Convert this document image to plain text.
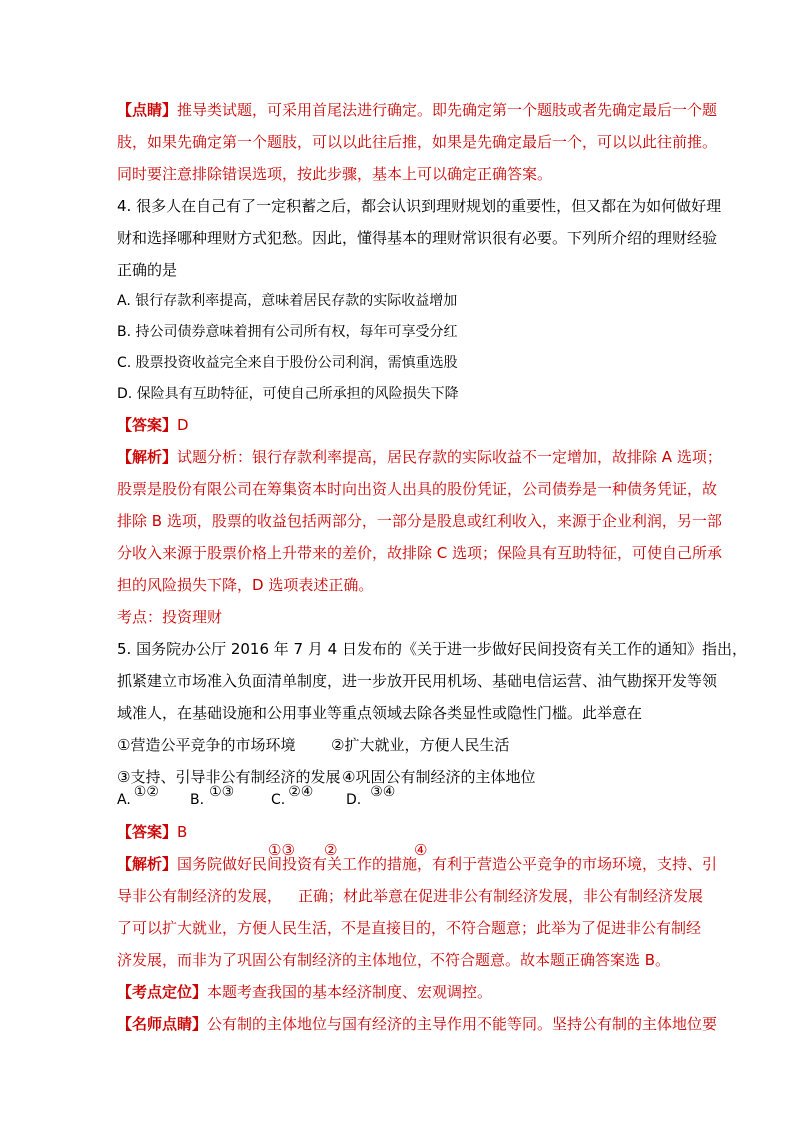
【点睛】推导类试题，可采用首尾法进行确定。即先确定第一个题肢或者先确定最后一个题
肢，如果先确定第一个题肢，可以以此往后推，如果是先确定最后一个，可以以此往前推。
同时要注意排除错误选项，按此步骤，基本上可以确定正确答案。
4. 很多人在自己有了一定积蓄之后，都会认识到理财规划的重要性，但又都在为如何做好理
财和选择哪种理财方式犯愁。因此，懂得基本的理财常识很有必要。下列所介绍的理财经验
正确的是
A. 银行存款利率提高，意味着居民存款的实际收益增加
B. 持公司债券意味着拥有公司所有权，每年可享受分红
C. 股票投资收益完全来自于股份公司利润，需慎重选股
D. 保险具有互助特征，可使自己所承担的风险损失下降
【答案】D
【解析】试题分析：银行存款利率提高，居民存款的实际收益不一定增加，故排除 A 选项；
股票是股份有限公司在筹集资本时向出资人出具的股份凭证，公司债券是一种债务凭证，故
排除 B 选项，股票的收益包括两部分，一部分是股息或红利收入，来源于企业利润，另一部
分收入来源于股票价格上升带来的差价，故排除 C 选项；保险具有互助特征，可使自己所承
担的风险损失下降，D 选项表述正确。
考点：投资理财
5. 国务院办公厅 2016 年 7 月 4 日发布的《关于进一步做好民间投资有关工作的通知》指出，
抓紧建立市场准入负面清单制度，进一步放开民用机场、基础电信运营、油气勘探开发等领
域准人，在基础设施和公用事业等重点领域去除各类显性或隐性门槛。此举意在
①营造公平竞争的市场环境 ②扩大就业，方便人民生活
③支持、引导非公有制经济的发展 ④巩固公有制经济的主体地位
A. ①② B. ①③	C. ②④ D. ③④
【答案】B
①③ ②	④
【解析】国务院做好民间投资有关工作的措施，有利于营造公平竞争的市场环境，支持、引
导非公有制经济的发展， 正确；材此举意在促进非公有制经济发展，非公有制经济发展
了可以扩大就业，方便人民生活，
不是直接目的，不符合题意；此举为了促进非公有制经
济发展，而非为了巩固公有制经济的主体地位，
不符合题意。故本题正确答案选 B。
【考点定位】本题考查我国的基本经济制度、宏观调控。
【名师点睛】公有制的主体地位与国有经济的主导作用不能等同。坚持公有制的主体地位要
